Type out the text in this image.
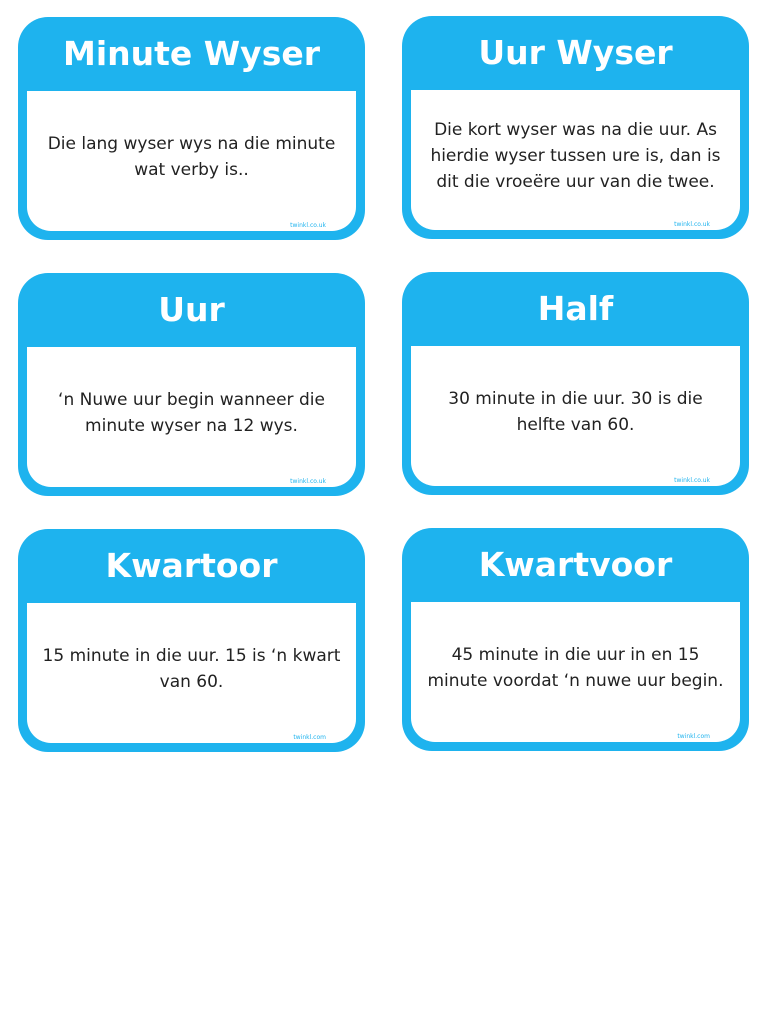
Minute Wyser
Die lang wyser wys na die minute wat verby is..
twinkl.co.uk
Uur Wyser
Die kort wyser was na die uur. As hierdie wyser tussen ure is, dan is dit die vroeëre uur van die twee.
twinkl.co.uk
Uur
‘n Nuwe uur begin wanneer die minute wyser na 12 wys.
twinkl.co.uk
Half
30 minute in die uur. 30 is die helfte van 60.
twinkl.co.uk
Kwartoor
15 minute in die uur. 15 is ‘n kwart van 60.
twinkl.com
Kwartvoor
45 minute in die uur in en 15 minute voordat ‘n nuwe uur begin.
twinkl.com
